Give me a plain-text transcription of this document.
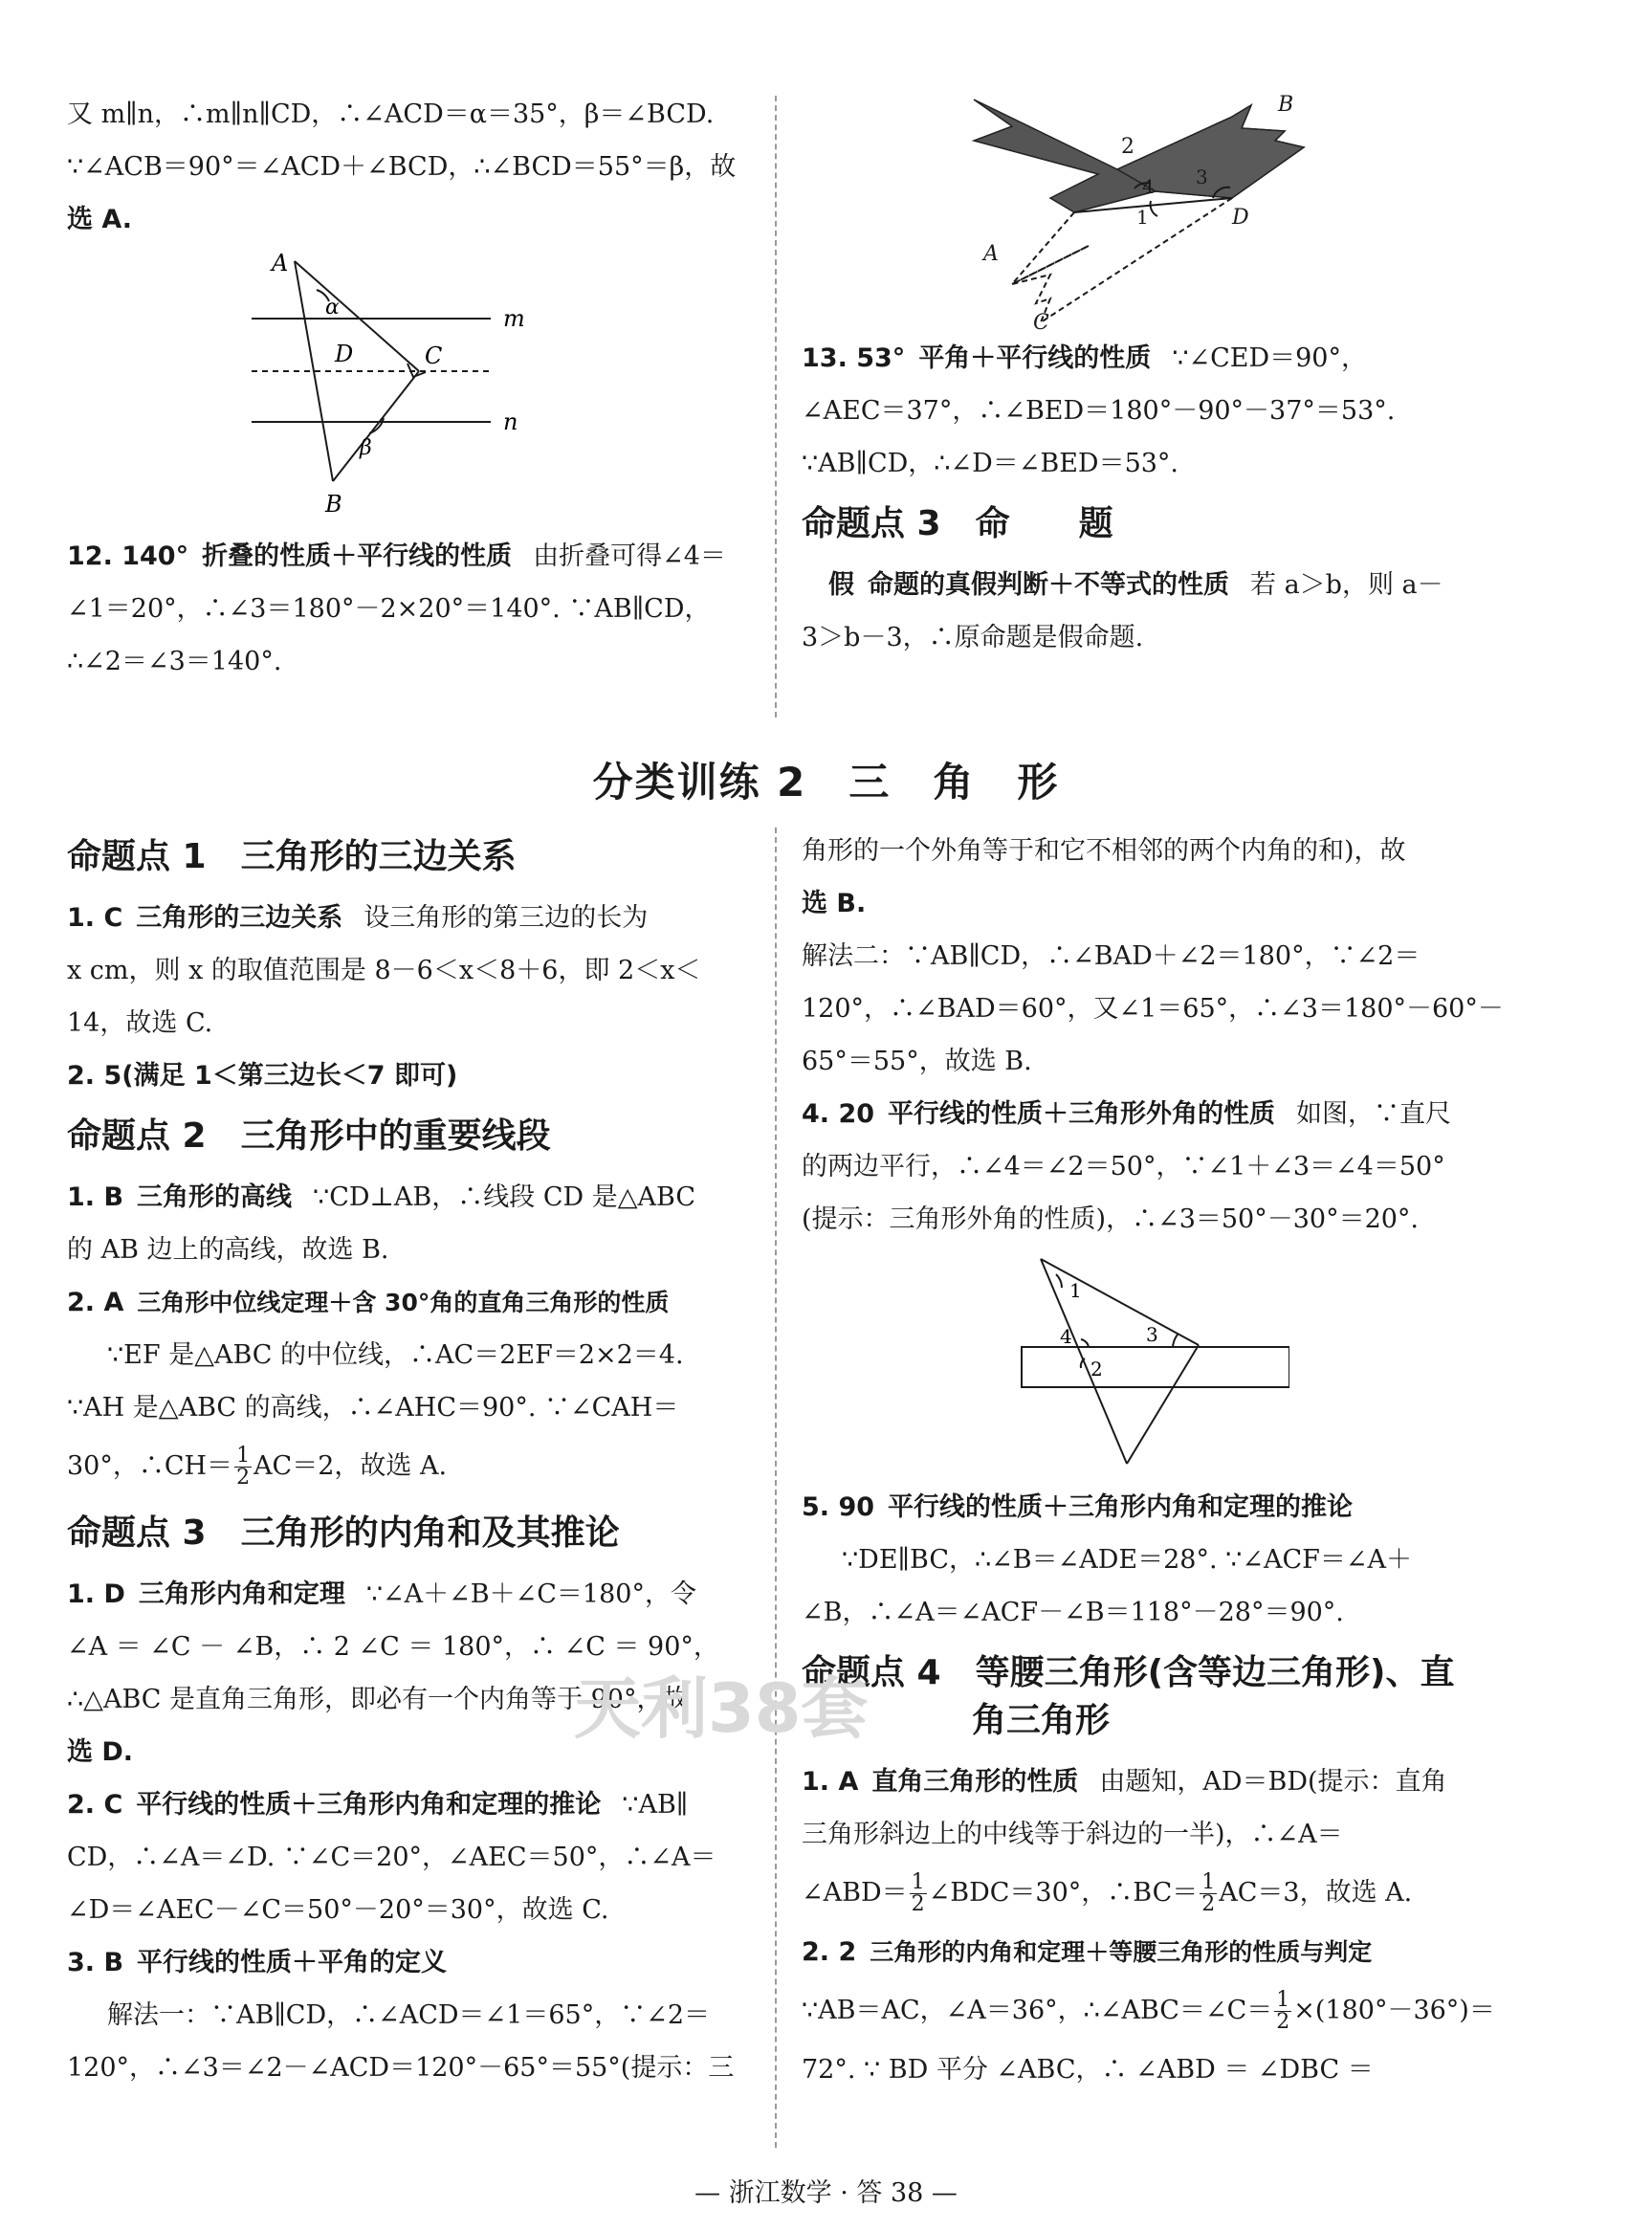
又 m∥n，∴m∥n∥CD，∴∠ACD＝α＝35°，β＝∠BCD.

∵∠ACB＝90°＝∠ACD＋∠BCD，∴∠BCD＝55°＝β，故

选 A.

A
α	m
D	C
n
β
B

12. 140° 折叠的性质＋平行线的性质 由折叠可得∠4＝

∠1＝20°，∴∠3＝180°－2×20°＝140°. ∵AB∥CD，

∴∠2＝∠3＝140°.

2
4 3
1
B
D
A
C

13. 53° 平角＋平行线的性质 ∵∠CED＝90°，

∠AEC＝37°，∴∠BED＝180°－90°－37°＝53°.

∵AB∥CD，∴∠D＝∠BED＝53°.

命题点 3　命　　题

假 命题的真假判断＋不等式的性质 若 a＞b，则 a－

3＞b－3，∴原命题是假命题.

分类训练 2　三　角　形
命题点 1　三角形的三边关系

1. C 三角形的三边关系 设三角形的第三边的长为

x cm，则 x 的取值范围是 8－6＜x＜8＋6，即 2＜x＜

14，故选 C.

2. 5(满足 1＜第三边长＜7 即可)

命题点 2　三角形中的重要线段

1. B 三角形的高线 ∵CD⊥AB，∴线段 CD 是△ABC

的 AB 边上的高线，故选 B.

2. A 三角形中位线定理＋含 30°角的直角三角形的性质

∵EF 是△ABC 的中位线，∴AC＝2EF＝2×2＝4.

∵AH 是△ABC 的高线，∴∠AHC＝90°. ∵∠CAH＝

30°，∴CH＝ $\frac{1}{2} AC=2$，故选 A.

命题点 3　三角形的内角和及其推论

1. D 三角形内角和定理 ∵∠A＋∠B＋∠C＝180°，令

∠A ＝ ∠C － ∠B，∴ 2 ∠C ＝ 180°，∴ ∠C ＝ 90°，

∴△ABC 是直角三角形，即必有一个内角等于 90°，故

选 D.

2. C 平行线的性质＋三角形内角和定理的推论 ∵AB∥

CD，∴∠A＝∠D. ∵∠C＝20°，∠AEC＝50°，∴∠A＝

∠D＝∠AEC－∠C＝50°－20°＝30°，故选 C.

3. B 平行线的性质＋平角的定义

解法一：∵AB∥CD，∴∠ACD＝∠1＝65°，∵∠2＝

120°，∴∠3＝∠2－∠ACD＝120°－65°＝55°(提示：三

角形的一个外角等于和它不相邻的两个内角的和)，故

选 B.

解法二：∵AB∥CD，∴∠BAD＋∠2＝180°，∵∠2＝

120°，∴∠BAD＝60°，又∠1＝65°，∴∠3＝180°－60°－

65°＝55°，故选 B.

4. 20 平行线的性质＋三角形外角的性质 如图，∵直尺

的两边平行，∴∠4＝∠2＝50°，∵∠1＋∠3＝∠4＝50°

(提示：三角形外角的性质)，∴∠3＝50°－30°＝20°.

1
4	3
2

5. 90 平行线的性质＋三角形内角和定理的推论

∵DE∥BC，∴∠B＝∠ADE＝28°. ∵∠ACF＝∠A＋

∠B，∴∠A＝∠ACF－∠B＝118°－28°＝90°.

命题点 4　等腰三角形(含等边三角形)、直
角三角形

1. A 直角三角形的性质 由题知，AD＝BD(提示：直角

三角形斜边上的中线等于斜边的一半)，∴∠A＝

∠ABD＝ $\frac{1}{2}$ ∠BDC＝30°，∴BC＝ $\frac{1}{2} AC=3$，故选 A.

2. 2 三角形的内角和定理＋等腰三角形的性质与判定

∵AB＝AC，∠A＝36°，∴∠ABC＝∠C＝ $\frac{1}{2} \times(180^\circ-36^\circ)=$

72°. ∵ BD 平分 ∠ABC，∴ ∠ABD ＝ ∠DBC ＝

天利38套
— 浙江数学 · 答 38 —
